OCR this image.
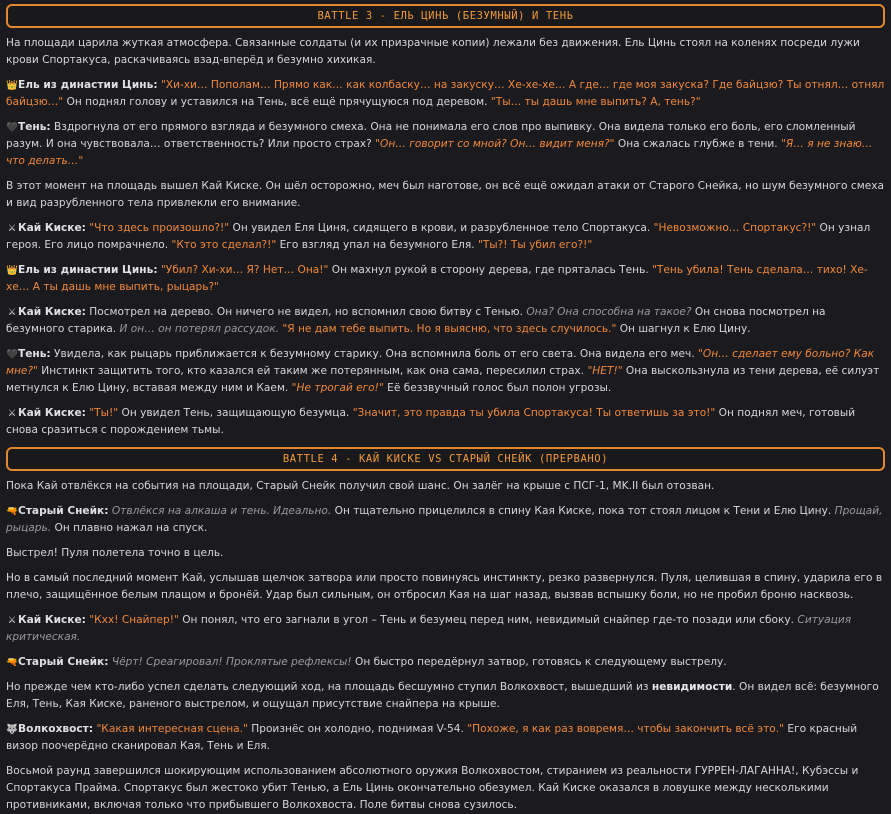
BATTLE 3 - ЕЛЬ ЦИНЬ (БЕЗУМНЫЙ) И ТЕНЬ

На площади царила жуткая атмосфера. Связанные солдаты (и их призрачные копии) лежали без движения. Ель Цинь стоял на коленях посреди лужи крови Спортакуса, раскачиваясь взад-вперёд и безумно хихикая.

👑Ель из династии Цинь: "Хи-хи… Пополам… Прямо как… как колбаску… на закуску… Хе-хе-хе… А где… где моя закуска? Где байцзю? Ты отнял… отнял байцзю…" Он поднял голову и уставился на Тень, всё ещё прячущуюся под деревом. "Ты… ты дашь мне выпить? А, тень?"

🖤Тень: Вздрогнула от его прямого взгляда и безумного смеха. Она не понимала его слов про выпивку. Она видела только его боль, его сломленный разум. И она чувствовала… ответственность? Или просто страх? "Он… говорит со мной? Он… видит меня?" Она сжалась глубже в тени. "Я… я не знаю… что делать…"

В этот момент на площадь вышел Кай Киске. Он шёл осторожно, меч был наготове, он всё ещё ожидал атаки от Старого Снейка, но шум безумного смеха и вид разрубленного тела привлекли его внимание.

⚔ Кай Киске: "Что здесь произошло?!" Он увидел Еля Циня, сидящего в крови, и разрубленное тело Спортакуса. "Невозможно… Спортакус?!" Он узнал героя. Его лицо помрачнело. "Кто это сделал?!" Его взгляд упал на безумного Еля. "Ты?! Ты убил его?!"

👑Ель из династии Цинь: "Убил? Хи-хи… Я? Нет… Она!" Он махнул рукой в сторону дерева, где пряталась Тень. "Тень убила! Тень сделала… тихо! Хе-хе… А ты дашь мне выпить, рыцарь?"

⚔ Кай Киске: Посмотрел на дерево. Он ничего не видел, но вспомнил свою битву с Тенью. Она? Она способна на такое? Он снова посмотрел на безумного старика. И он… он потерял рассудок. "Я не дам тебе выпить. Но я выясню, что здесь случилось." Он шагнул к Елю Цину.

🖤Тень: Увидела, как рыцарь приближается к безумному старику. Она вспомнила боль от его света. Она видела его меч. "Он… сделает ему больно? Как мне?" Инстинкт защитить того, кто казался ей таким же потерянным, как она сама, пересилил страх. "НЕТ!" Она выскользнула из тени дерева, её силуэт метнулся к Елю Цину, вставая между ним и Каем. "Не трогай его!" Её беззвучный голос был полон угрозы.

⚔ Кай Киске: "Ты!" Он увидел Тень, защищающую безумца. "Значит, это правда ты убила Спортакуса! Ты ответишь за это!" Он поднял меч, готовый снова сразиться с порождением тьмы.

BATTLE 4 - КАЙ КИСКЕ VS СТАРЫЙ СНЕЙК (ПРЕРВАНО)

Пока Кай отвлёкся на события на площади, Старый Снейк получил свой шанс. Он залёг на крыше с ПСГ-1, MK.II был отозван.

🔫Старый Снейк: Отвлёкся на алкаша и тень. Идеально. Он тщательно прицелился в спину Кая Киске, пока тот стоял лицом к Тени и Елю Цину. Прощай, рыцарь. Он плавно нажал на спуск.

Выстрел! Пуля полетела точно в цель.

Но в самый последний момент Кай, услышав щелчок затвора или просто повинуясь инстинкту, резко развернулся. Пуля, целившая в спину, ударила его в плечо, защищённое белым плащом и бронёй. Удар был сильным, он отбросил Кая на шаг назад, вызвав вспышку боли, но не пробил броню насквозь.

⚔ Кай Киске: "Кхх! Снайпер!" Он понял, что его загнали в угол – Тень и безумец перед ним, невидимый снайпер где-то позади или сбоку. Ситуация критическая.

🔫Старый Снейк: Чёрт! Среагировал! Проклятые рефлексы! Он быстро передёрнул затвор, готовясь к следующему выстрелу.

Но прежде чем кто-либо успел сделать следующий ход, на площадь бесшумно ступил Волкохвост, вышедший из невидимости. Он видел всё: безумного Еля, Тень, Кая Киске, раненого выстрелом, и ощущал присутствие снайпера на крыше.

🐺Волкохвост: "Какая интересная сцена." Произнёс он холодно, поднимая V-54. "Похоже, я как раз вовремя… чтобы закончить всё это." Его красный визор поочерёдно сканировал Кая, Тень и Еля.

Восьмой раунд завершился шокирующим использованием абсолютного оружия Волкохвостом, стиранием из реальности ГУРРЕН-ЛАГАННА!, Кубэссы и Спортакуса Прайма. Спортакус был жестоко убит Тенью, а Ель Цинь окончательно обезумел. Кай Киске оказался в ловушке между несколькими противниками, включая только что прибывшего Волкохвоста. Поле битвы снова сузилось.
